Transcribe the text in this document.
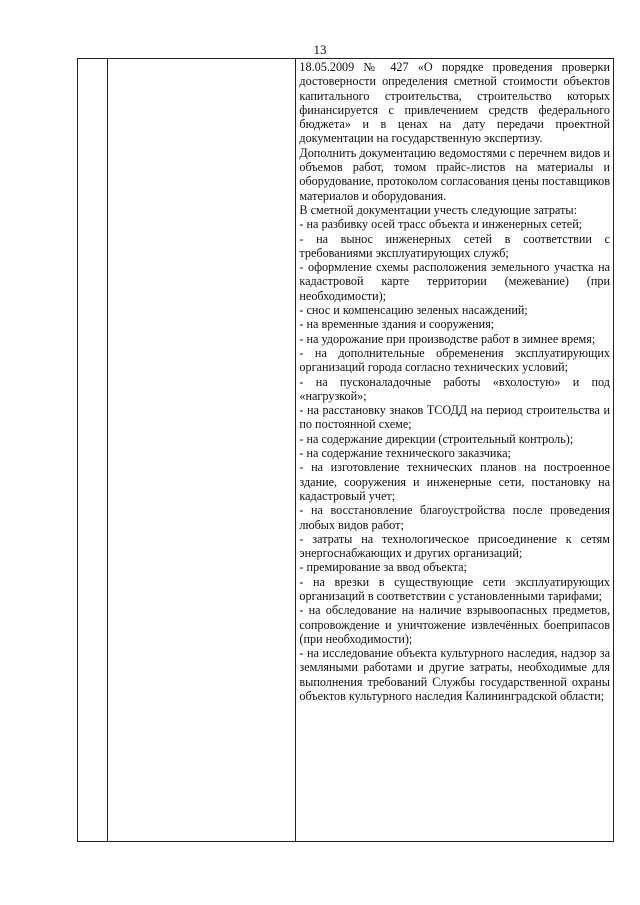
13

18.05.2009 № 427 «О порядке проведения проверки достоверности определения сметной стоимости объектов капитального строительства, строительство которых финансируется с привлечением средств федерального бюджета» и в ценах на дату передачи проектной документации на государственную экспертизу.

Дополнить документацию ведомостями с перечнем видов и объемов работ, томом прайс-листов на материалы и оборудование, протоколом согласования цены поставщиков материалов и оборудования.

В сметной документации учесть следующие затраты:

- на разбивку осей трасс объекта и инженерных сетей;

- на вынос инженерных сетей в соответствии с требованиями эксплуатирующих служб;

- оформление схемы расположения земельного участка на кадастровой карте территории (межевание) (при необходимости);

- снос и компенсацию зеленых насаждений;

- на временные здания и сооружения;

- на удорожание при производстве работ в зимнее время;

- на дополнительные обременения эксплуатирующих организаций города согласно технических условий;

- на пусконаладочные работы «вхолостую» и под «нагрузкой»;

- на расстановку знаков ТСОДД на период строительства и по постоянной схеме;

- на содержание дирекции (строительный контроль);

- на содержание технического заказчика;

- на изготовление технических планов на построенное здание, сооружения и инженерные сети, постановку на кадастровый учет;

- на восстановление благоустройства после проведения любых видов работ;

- затраты на технологическое присоединение к сетям энергоснабжающих и других организаций;

- премирование за ввод объекта;

- на врезки в существующие сети эксплуатирующих организаций в соответствии с установленными тарифами;

- на обследование на наличие взрывоопасных предметов, сопровождение и уничтожение извлечённых боеприпасов (при необходимости);

- на исследование объекта культурного наследия, надзор за земляными работами и другие затраты, необходимые для выполнения требований Службы государственной охраны объектов культурного наследия Калининградской области;
